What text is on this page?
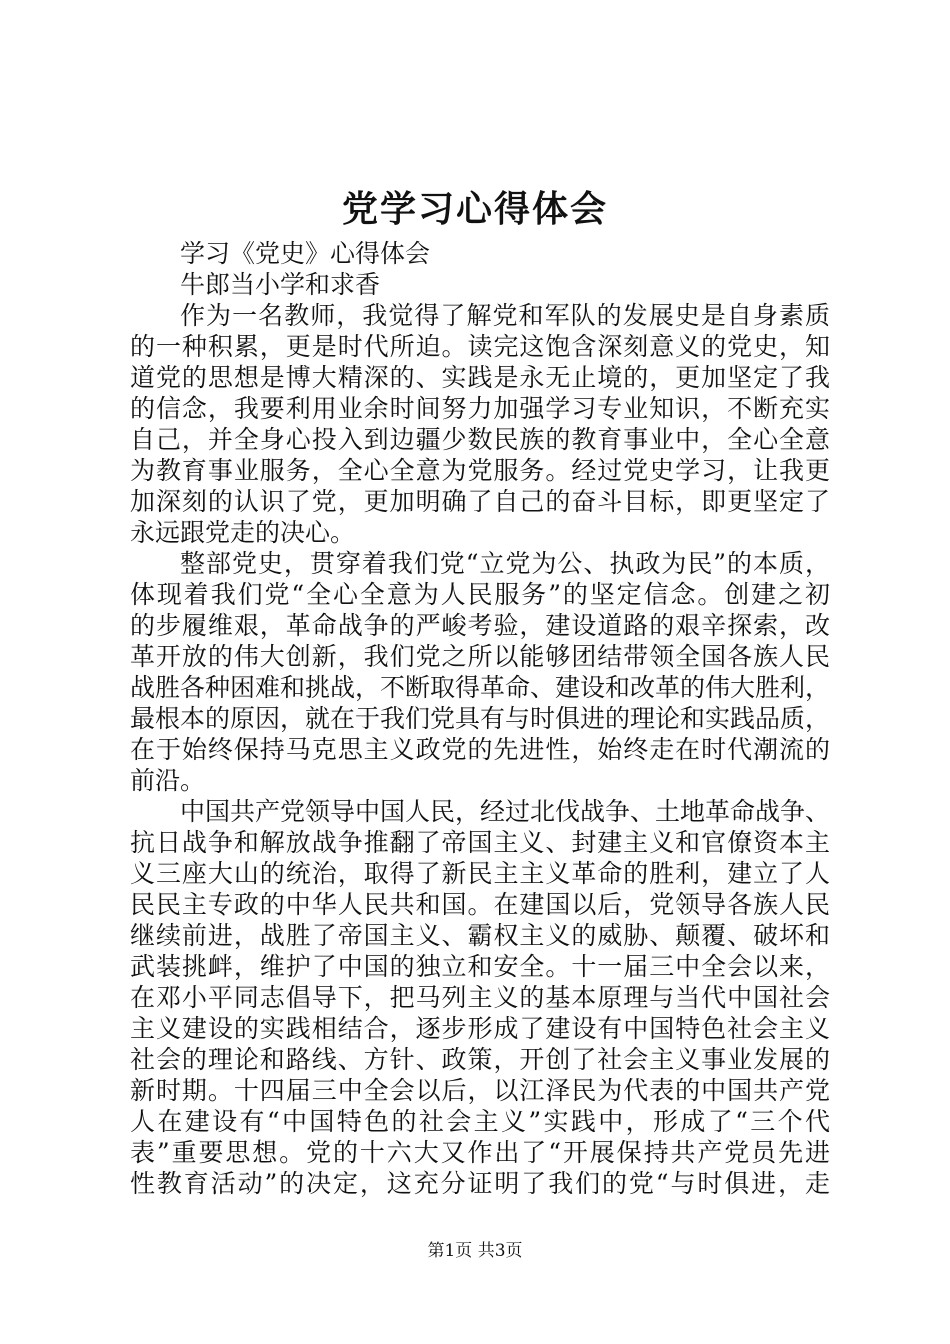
党学习心得体会
学习《党史》心得体会
牛郎当小学和求香
作为一名教师，我觉得了解党和军队的发展史是自身素质
的一种积累，更是时代所迫。读完这饱含深刻意义的党史，知
道党的思想是博大精深的、实践是永无止境的，更加坚定了我
的信念，我要利用业余时间努力加强学习专业知识，不断充实
自己，并全身心投入到边疆少数民族的教育事业中，全心全意
为教育事业服务，全心全意为党服务。经过党史学习，让我更
加深刻的认识了党，更加明确了自己的奋斗目标，即更坚定了
永远跟党走的决心。
整部党史，贯穿着我们党“立党为公、执政为民”的本质，
体现着我们党“全心全意为人民服务”的坚定信念。创建之初
的步履维艰，革命战争的严峻考验，建设道路的艰辛探索，改
革开放的伟大创新，我们党之所以能够团结带领全国各族人民
战胜各种困难和挑战，不断取得革命、建设和改革的伟大胜利，
最根本的原因，就在于我们党具有与时俱进的理论和实践品质，
在于始终保持马克思主义政党的先进性，始终走在时代潮流的
前沿。
中国共产党领导中国人民，经过北伐战争、土地革命战争、
抗日战争和解放战争推翻了帝国主义、封建主义和官僚资本主
义三座大山的统治，取得了新民主主义革命的胜利，建立了人
民民主专政的中华人民共和国。在建国以后，党领导各族人民
继续前进，战胜了帝国主义、霸权主义的威胁、颠覆、破坏和
武装挑衅，维护了中国的独立和安全。十一届三中全会以来，
在邓小平同志倡导下，把马列主义的基本原理与当代中国社会
主义建设的实践相结合，逐步形成了建设有中国特色社会主义
社会的理论和路线、方针、政策，开创了社会主义事业发展的
新时期。十四届三中全会以后，以江泽民为代表的中国共产党
人在建设有“中国特色的社会主义”实践中，形成了“三个代
表”重要思想。党的十六大又作出了“开展保持共产党员先进
性教育活动”的决定，这充分证明了我们的党“与时俱进，走
第1页 共3页
